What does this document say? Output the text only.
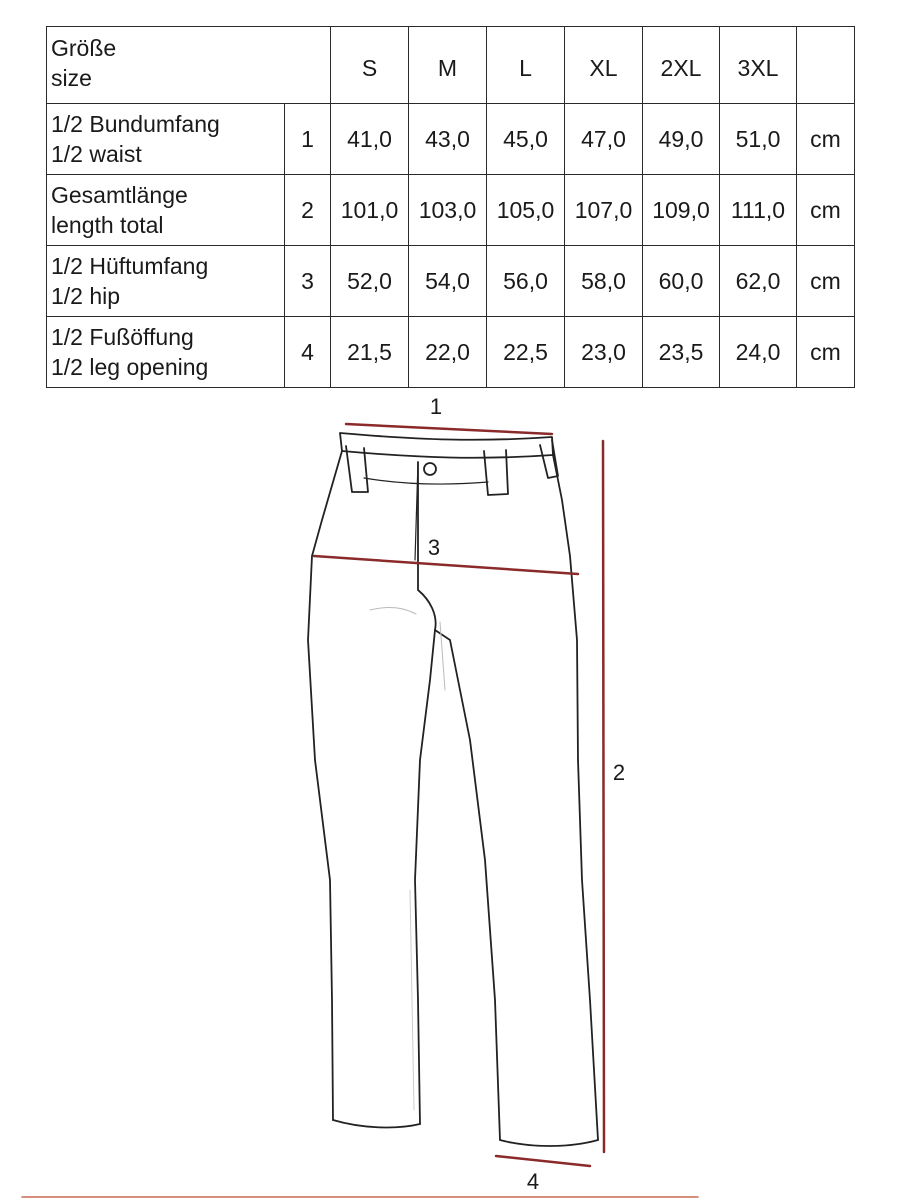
Größe
size		S	M	L	XL	2XL	3XL	

1/2 Bundumfang
1/2 waist	1	41,0	43,0	45,0	47,0	49,0	51,0	cm

Gesamtlänge
length total	2	101,0	103,0	105,0	107,0	109,0	111,0	cm

1/2 Hüftumfang
1/2 hip	3	52,0	54,0	56,0	58,0	60,0	62,0	cm

1/2 Fußöffung
1/2 leg opening	4	21,5	22,0	22,5	23,0	23,5	24,0	cm
1
3
2
4
